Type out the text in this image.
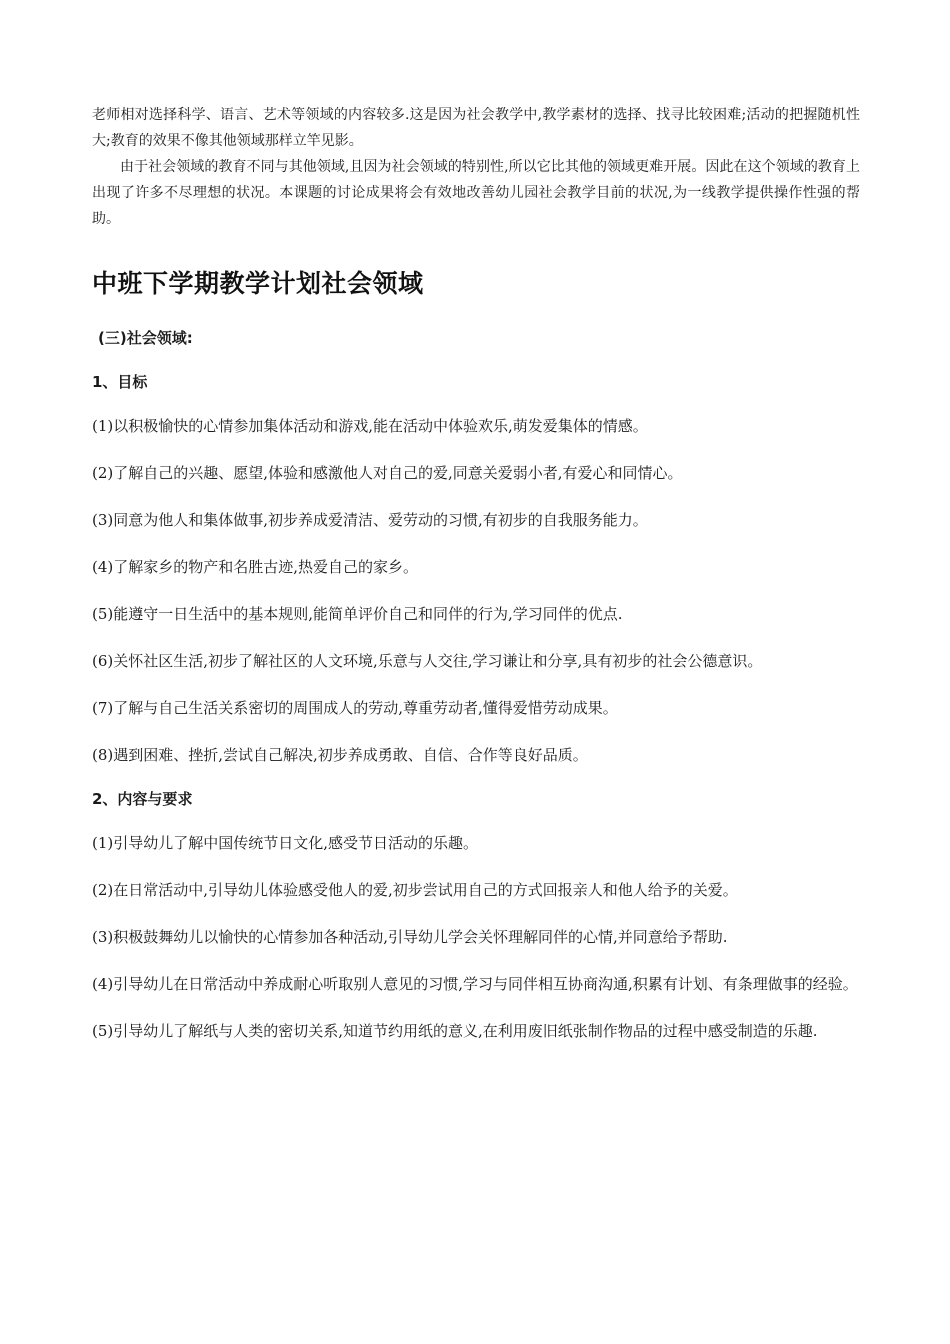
老师相对选择科学、语言、艺术等领域的内容较多.这是因为社会教学中,教学素材的选择、找寻比较困难;活动的把握随机性大;教育的效果不像其他领域那样立竿见影。

由于社会领域的教育不同与其他领域,且因为社会领域的特别性,所以它比其他的领域更难开展。因此在这个领域的教育上出现了许多不尽理想的状况。本课题的讨论成果将会有效地改善幼儿园社会教学目前的状况,为一线教学提供操作性强的帮助。

中班下学期教学计划社会领域
(三)社会领域:
1、目标
(1)以积极愉快的心情参加集体活动和游戏,能在活动中体验欢乐,萌发爱集体的情感。
(2)了解自己的兴趣、愿望,体验和感激他人对自己的爱,同意关爱弱小者,有爱心和同情心。
(3)同意为他人和集体做事,初步养成爱清洁、爱劳动的习惯,有初步的自我服务能力。
(4)了解家乡的物产和名胜古迹,热爱自己的家乡。
(5)能遵守一日生活中的基本规则,能简单评价自己和同伴的行为,学习同伴的优点.
(6)关怀社区生活,初步了解社区的人文环境,乐意与人交往,学习谦让和分享,具有初步的社会公德意识。
(7)了解与自己生活关系密切的周围成人的劳动,尊重劳动者,懂得爱惜劳动成果。
(8)遇到困难、挫折,尝试自己解决,初步养成勇敢、自信、合作等良好品质。
2、内容与要求
(1)引导幼儿了解中国传统节日文化,感受节日活动的乐趣。
(2)在日常活动中,引导幼儿体验感受他人的爱,初步尝试用自己的方式回报亲人和他人给予的关爱。
(3)积极鼓舞幼儿以愉快的心情参加各种活动,引导幼儿学会关怀理解同伴的心情,并同意给予帮助.
(4)引导幼儿在日常活动中养成耐心听取别人意见的习惯,学习与同伴相互协商沟通,积累有计划、有条理做事的经验。
(5)引导幼儿了解纸与人类的密切关系,知道节约用纸的意义,在利用废旧纸张制作物品的过程中感受制造的乐趣.
